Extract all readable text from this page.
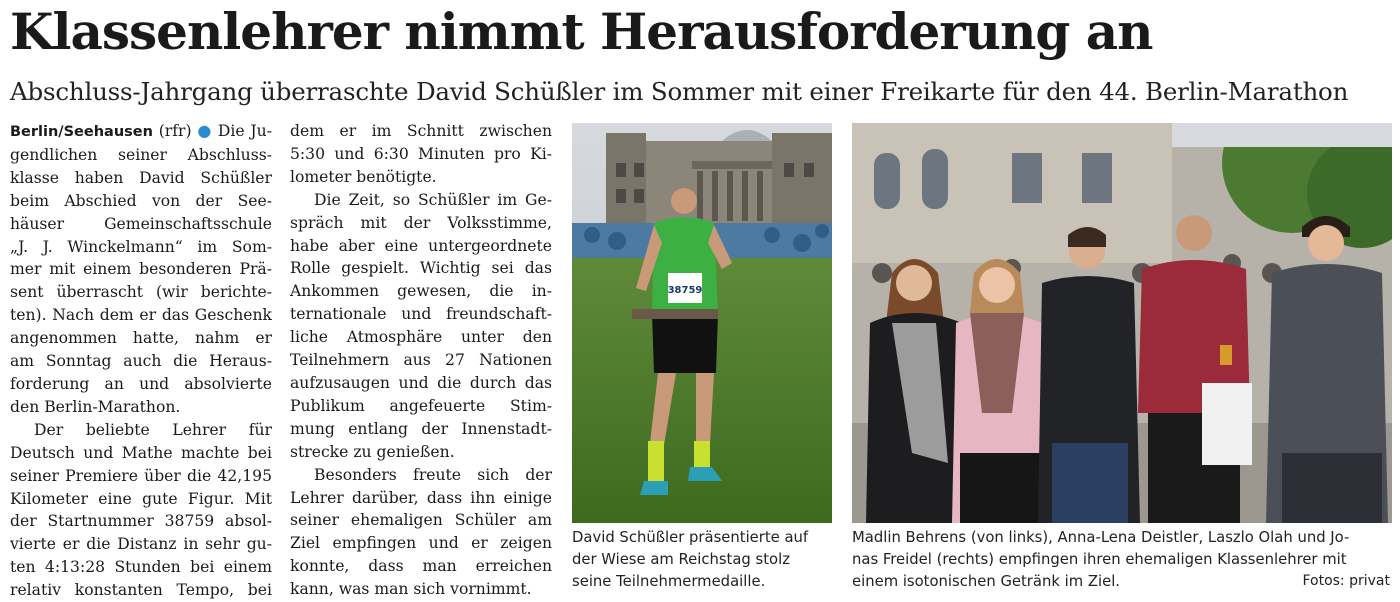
Klassenlehrer nimmt Herausforderung an
Abschluss-Jahrgang überraschte David Schüßler im Sommer mit einer Freikarte für den 44. Berlin-Marathon
Berlin/Seehausen (rfr) ● Die Ju-
gendlichen seiner Abschluss-
klasse haben David Schüßler
beim Abschied von der See-
häuser Gemeinschaftsschule
„J. J. Winckelmann“ im Som-
mer mit einem besonderen Prä-
sent überrascht (wir berichte-
ten). Nach dem er das Geschenk
angenommen hatte, nahm er
am Sonntag auch die Heraus-
forderung an und absolvierte
den Berlin-Marathon.
Der beliebte Lehrer für
Deutsch und Mathe machte bei
seiner Premiere über die 42,195
Kilometer eine gute Figur. Mit
der Startnummer 38759 absol-
vierte er die Distanz in sehr gu-
ten 4:13:28 Stunden bei einem
relativ konstanten Tempo, bei
dem er im Schnitt zwischen
5:30 und 6:30 Minuten pro Ki-
lometer benötigte.
Die Zeit, so Schüßler im Ge-
spräch mit der Volksstimme,
habe aber eine untergeordnete
Rolle gespielt. Wichtig sei das
Ankommen gewesen, die in-
ternationale und freundschaft-
liche Atmosphäre unter den
Teilnehmern aus 27 Nationen
aufzusaugen und die durch das
Publikum angefeuerte Stim-
mung entlang der Innenstadt-
strecke zu genießen.
Besonders freute sich der
Lehrer darüber, dass ihn einige
seiner ehemaligen Schüler am
Ziel empfingen und er zeigen
konnte, dass man erreichen
kann, was man sich vornimmt.
38759
David Schüßler präsentierte auf
der Wiese am Reichstag stolz
seine Teilnehmermedaille.
Madlin Behrens (von links), Anna-Lena Deistler, Laszlo Olah und Jo-
nas Freidel (rechts) empfingen ihren ehemaligen Klassenlehrer mit
einem isotonischen Getränk im Ziel.	Fotos: privat
